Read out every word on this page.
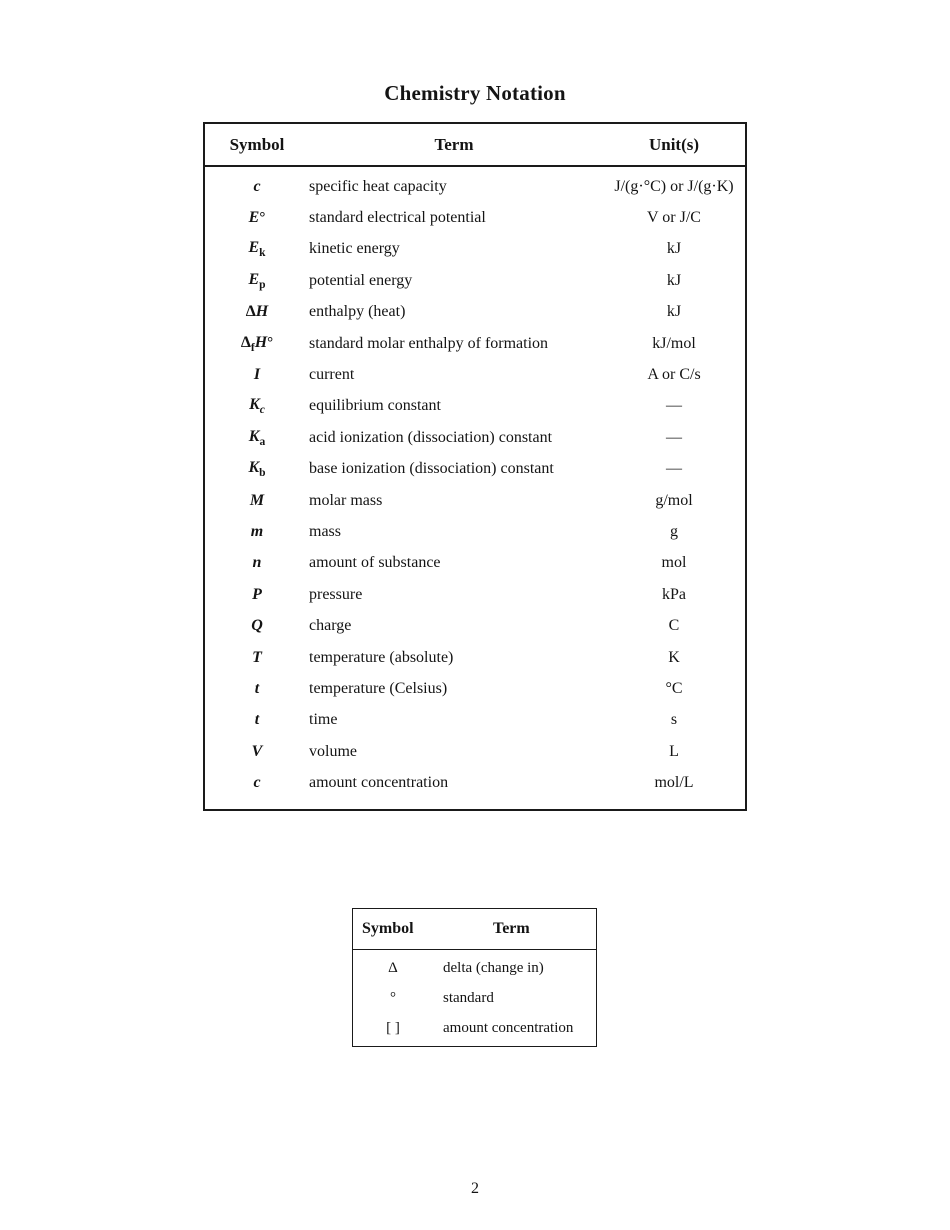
Chemistry Notation
Symbol	Term	Unit(s)
c	specific heat capacity	J/(g·°C) or J/(g·K)
E°	standard electrical potential	V or J/C
$E_k$	kinetic energy	kJ
$E_p$	potential energy	kJ
ΔH	enthalpy (heat)	kJ
$\Delta_fH^\circ$	standard molar enthalpy of formation	kJ/mol
I	current	A or C/s
$K_c$	equilibrium constant	—
$K_a$	acid ionization (dissociation) constant	—
$K_b$	base ionization (dissociation) constant	—
M	molar mass	g/mol
m	mass	g
n	amount of substance	mol
P	pressure	kPa
Q	charge	C
T	temperature (absolute)	K
t	temperature (Celsius)	°C
t	time	s
V	volume	L
c	amount concentration	mol/L
Symbol	Term
Δ	delta (change in)
°	standard
[ ]	amount concentration
2
